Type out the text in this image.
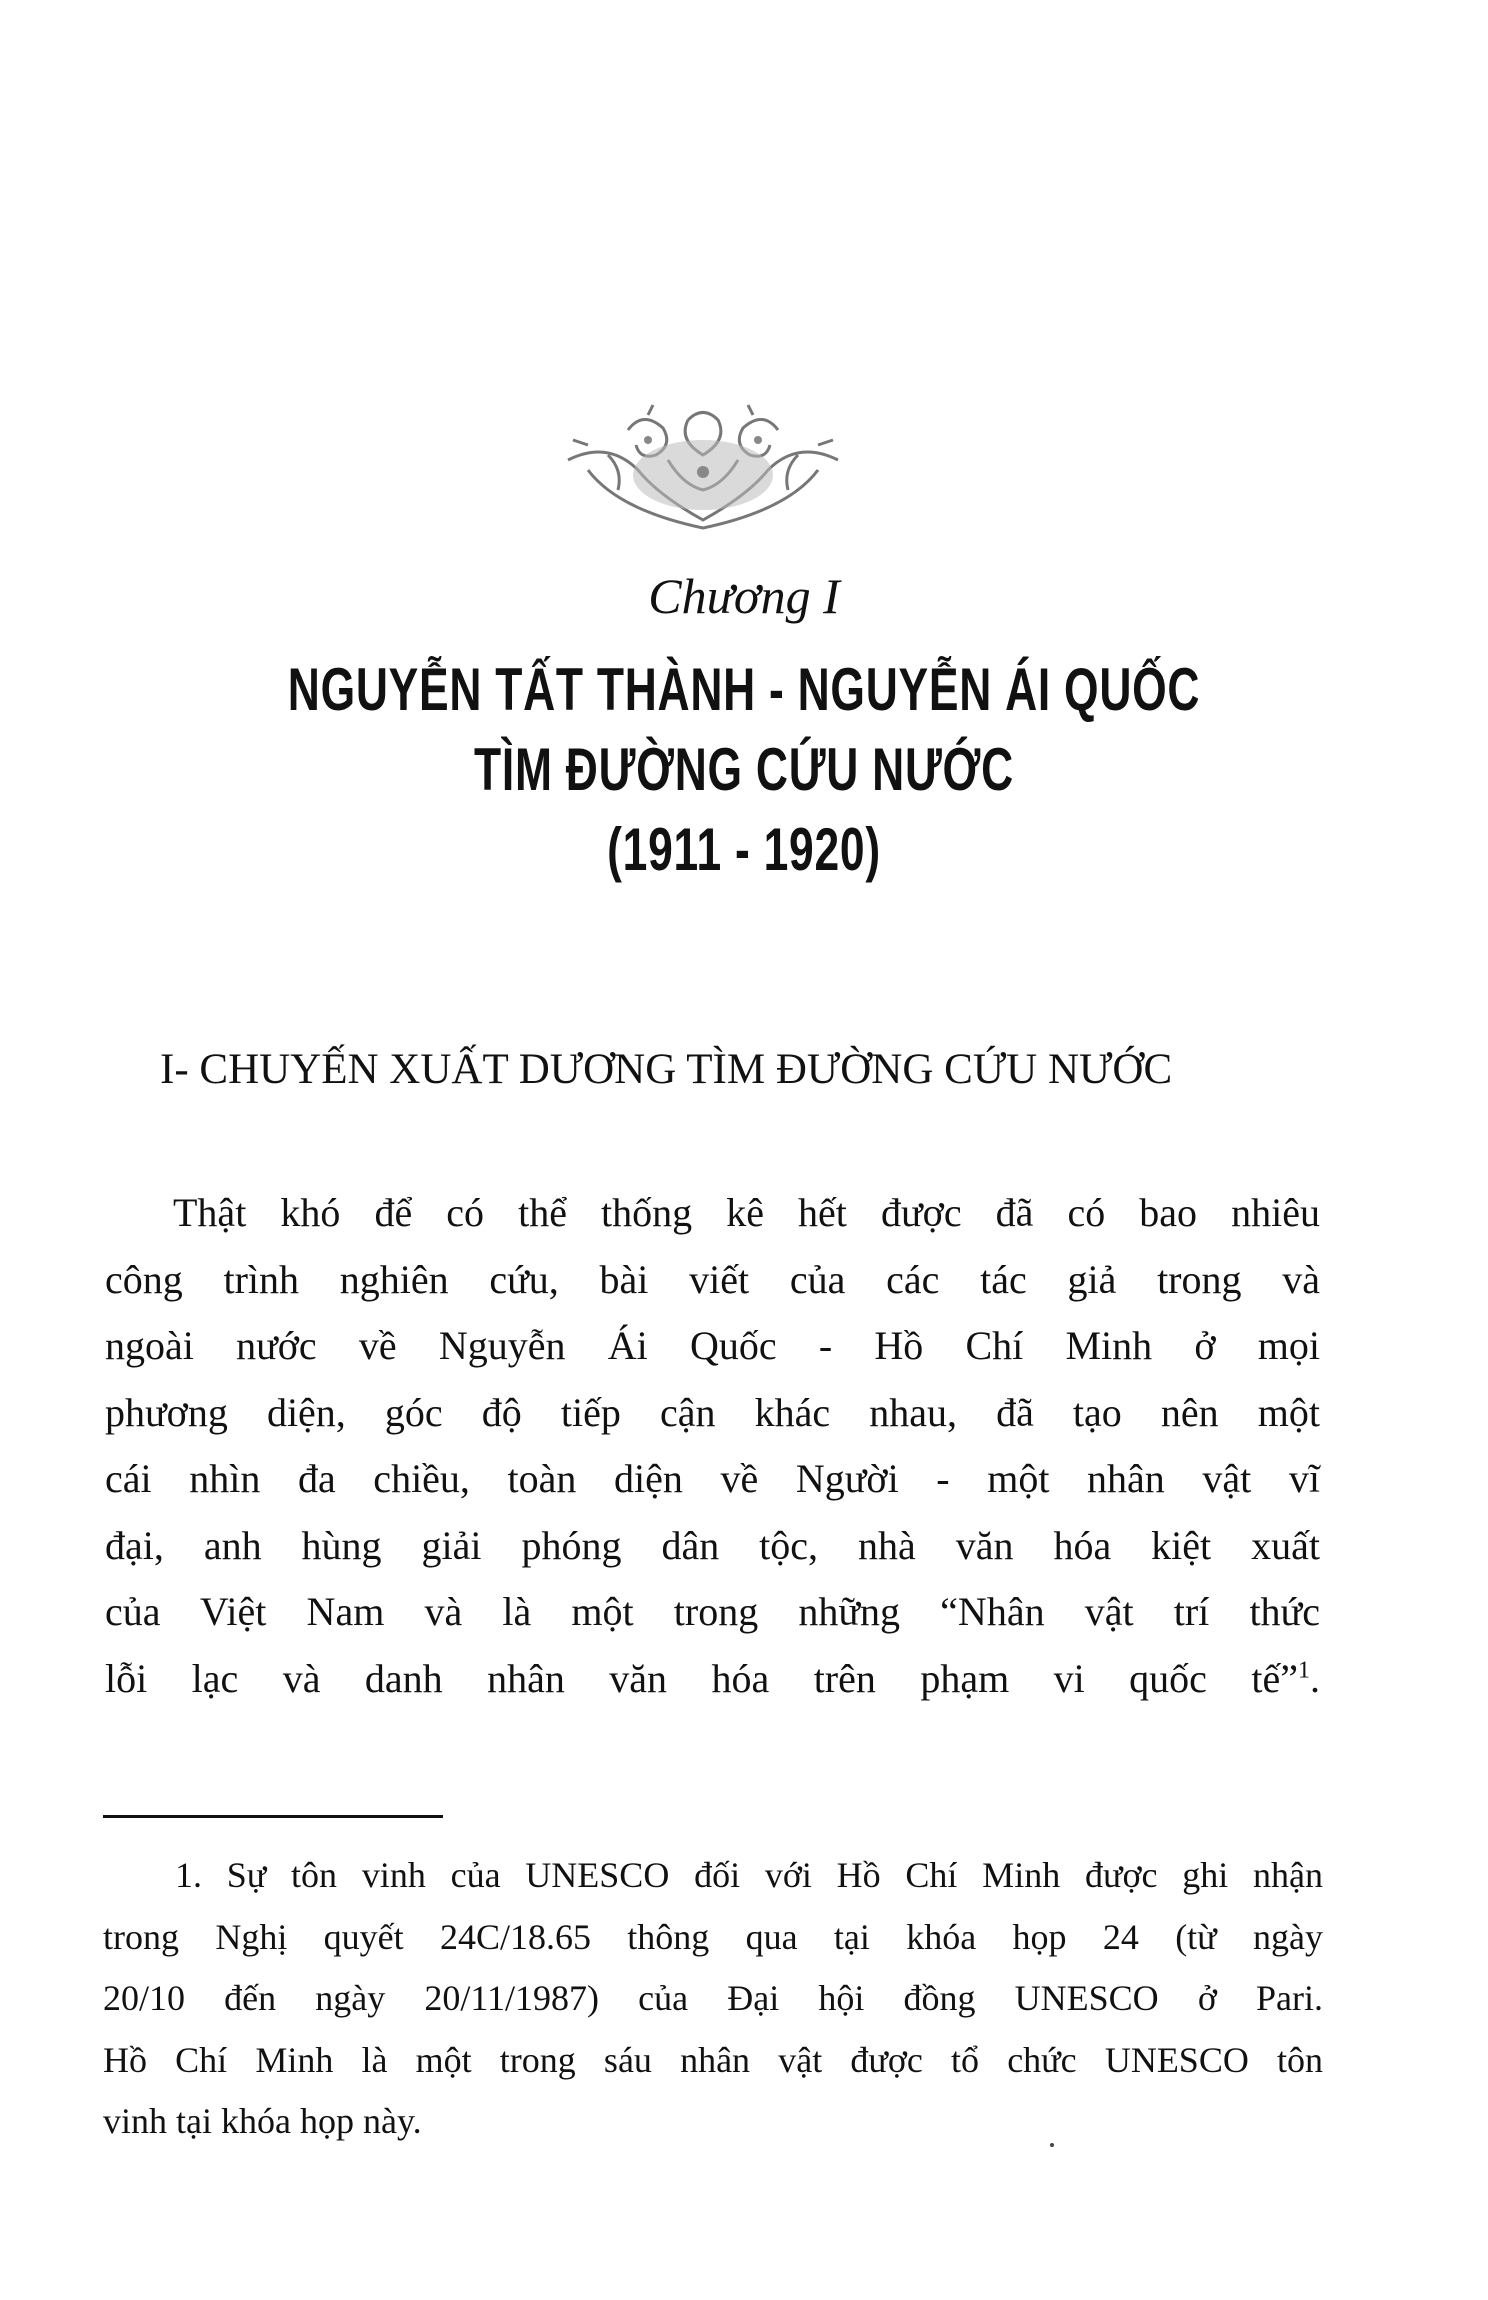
Chương I
NGUYỄN TẤT THÀNH - NGUYỄN ÁI QUỐC
TÌM ĐƯỜNG CỨU NƯỚC
(1911 - 1920)
I- CHUYẾN XUẤT DƯƠNG TÌM ĐƯỜNG CỨU NƯỚC
Thật khó để có thể thống kê hết được đã có bao nhiêu
công trình nghiên cứu, bài viết của các tác giả trong và
ngoài nước về Nguyễn Ái Quốc - Hồ Chí Minh ở mọi
phương diện, góc độ tiếp cận khác nhau, đã tạo nên một
cái nhìn đa chiều, toàn diện về Người - một nhân vật vĩ
đại, anh hùng giải phóng dân tộc, nhà văn hóa kiệt xuất
của Việt Nam và là một trong những “Nhân vật trí thức
lỗi lạc và danh nhân văn hóa trên phạm vi quốc tế”$^1$.
1. Sự tôn vinh của UNESCO đối với Hồ Chí Minh được ghi nhận
trong Nghị quyết 24C/18.65 thông qua tại khóa họp 24 (từ ngày
20/10 đến ngày 20/11/1987) của Đại hội đồng UNESCO ở Pari.
Hồ Chí Minh là một trong sáu nhân vật được tổ chức UNESCO tôn
vinh tại khóa họp này.
